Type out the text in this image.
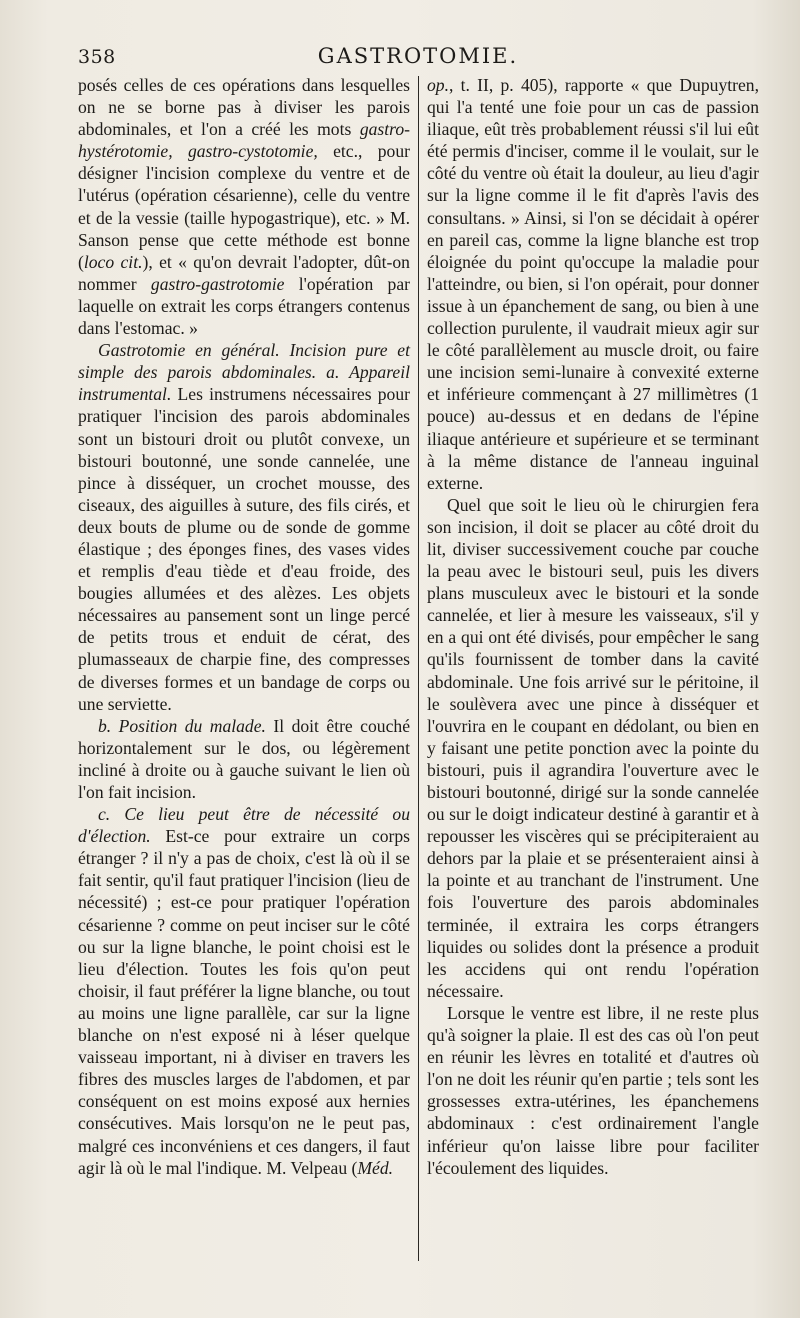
358	GASTROTOMIE.

posés celles de ces opérations dans lesquelles on ne se borne pas à diviser les parois abdominales, et l'on a créé les mots gastro-hystérotomie, gastro-cystotomie, etc., pour désigner l'incision complexe du ventre et de l'utérus (opération césarienne), celle du ventre et de la vessie (taille hypogastrique), etc. » M. Sanson pense que cette méthode est bonne (loco cit.), et « qu'on devrait l'adopter, dût-on nommer gastro-gastrotomie l'opération par laquelle on extrait les corps étrangers contenus dans l'estomac. »

Gastrotomie en général. Incision pure et simple des parois abdominales. a. Appareil instrumental. Les instrumens nécessaires pour pratiquer l'incision des parois abdominales sont un bistouri droit ou plutôt convexe, un bistouri boutonné, une sonde cannelée, une pince à disséquer, un crochet mousse, des ciseaux, des aiguilles à suture, des fils cirés, et deux bouts de plume ou de sonde de gomme élastique ; des éponges fines, des vases vides et remplis d'eau tiède et d'eau froide, des bougies allumées et des alèzes. Les objets nécessaires au pansement sont un linge percé de petits trous et enduit de cérat, des plumasseaux de charpie fine, des compresses de diverses formes et un bandage de corps ou une serviette.

b. Position du malade. Il doit être couché horizontalement sur le dos, ou légèrement incliné à droite ou à gauche suivant le lien où l'on fait incision.

c. Ce lieu peut être de nécessité ou d'élection. Est-ce pour extraire un corps étranger ? il n'y a pas de choix, c'est là où il se fait sentir, qu'il faut pratiquer l'incision (lieu de nécessité) ; est-ce pour pratiquer l'opération césarienne ? comme on peut inciser sur le côté ou sur la ligne blanche, le point choisi est le lieu d'élection. Toutes les fois qu'on peut choisir, il faut préférer la ligne blanche, ou tout au moins une ligne parallèle, car sur la ligne blanche on n'est exposé ni à léser quelque vaisseau important, ni à diviser en travers les fibres des muscles larges de l'abdomen, et par conséquent on est moins exposé aux hernies consécutives. Mais lorsqu'on ne le peut pas, malgré ces inconvéniens et ces dangers, il faut agir là où le mal l'indique. M. Velpeau (Méd.

op., t. II, p. 405), rapporte « que Dupuytren, qui l'a tenté une foie pour un cas de passion iliaque, eût très probablement réussi s'il lui eût été permis d'inciser, comme il le voulait, sur le côté du ventre où était la douleur, au lieu d'agir sur la ligne comme il le fit d'après l'avis des consultans. » Ainsi, si l'on se décidait à opérer en pareil cas, comme la ligne blanche est trop éloignée du point qu'occupe la maladie pour l'atteindre, ou bien, si l'on opérait, pour donner issue à un épanchement de sang, ou bien à une collection purulente, il vaudrait mieux agir sur le côté parallèlement au muscle droit, ou faire une incision semi-lunaire à convexité externe et inférieure commençant à 27 millimètres (1 pouce) au-dessus et en dedans de l'épine iliaque antérieure et supérieure et se terminant à la même distance de l'anneau inguinal externe.

Quel que soit le lieu où le chirurgien fera son incision, il doit se placer au côté droit du lit, diviser successivement couche par couche la peau avec le bistouri seul, puis les divers plans musculeux avec le bistouri et la sonde cannelée, et lier à mesure les vaisseaux, s'il y en a qui ont été divisés, pour empêcher le sang qu'ils fournissent de tomber dans la cavité abdominale. Une fois arrivé sur le péritoine, il le soulèvera avec une pince à disséquer et l'ouvrira en le coupant en dédolant, ou bien en y faisant une petite ponction avec la pointe du bistouri, puis il agrandira l'ouverture avec le bistouri boutonné, dirigé sur la sonde cannelée ou sur le doigt indicateur destiné à garantir et à repousser les viscères qui se précipiteraient au dehors par la plaie et se présenteraient ainsi à la pointe et au tranchant de l'instrument. Une fois l'ouverture des parois abdominales terminée, il extraira les corps étrangers liquides ou solides dont la présence a produit les accidens qui ont rendu l'opération nécessaire.

Lorsque le ventre est libre, il ne reste plus qu'à soigner la plaie. Il est des cas où l'on peut en réunir les lèvres en totalité et d'autres où l'on ne doit les réunir qu'en partie ; tels sont les grossesses extra-utérines, les épanchemens abdominaux : c'est ordinairement l'angle inférieur qu'on laisse libre pour faciliter l'écoulement des liquides.
